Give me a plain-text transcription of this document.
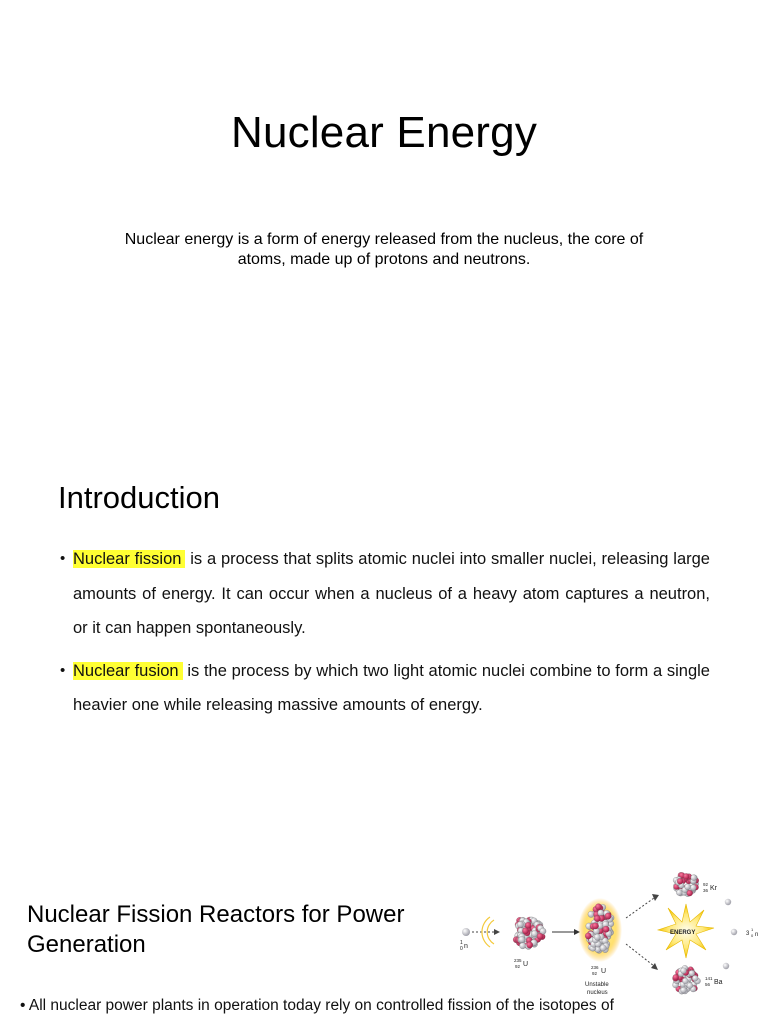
Nuclear Energy

Nuclear energy is a form of energy released from the nucleus, the core of atoms, made up of protons and neutrons.

Introduction
• Nuclear fission is a process that splits atomic nuclei into smaller nuclei, releasing large amounts of energy. It can occur when a nucleus of a heavy atom captures a neutron, or it can happen spontaneously.
• Nuclear fusion is the process by which two light atomic nuclei combine to form a single heavier one while releasing massive amounts of energy.
Nuclear Fission Reactors for Power Generation	1
0 n
235
92 U	236
92 U
Unstable
nucleus
ENERGY
92
36 Kr
141
56 Ba
3
1
0 n

• All nuclear power plants in operation today rely on controlled fission of the isotopes of
